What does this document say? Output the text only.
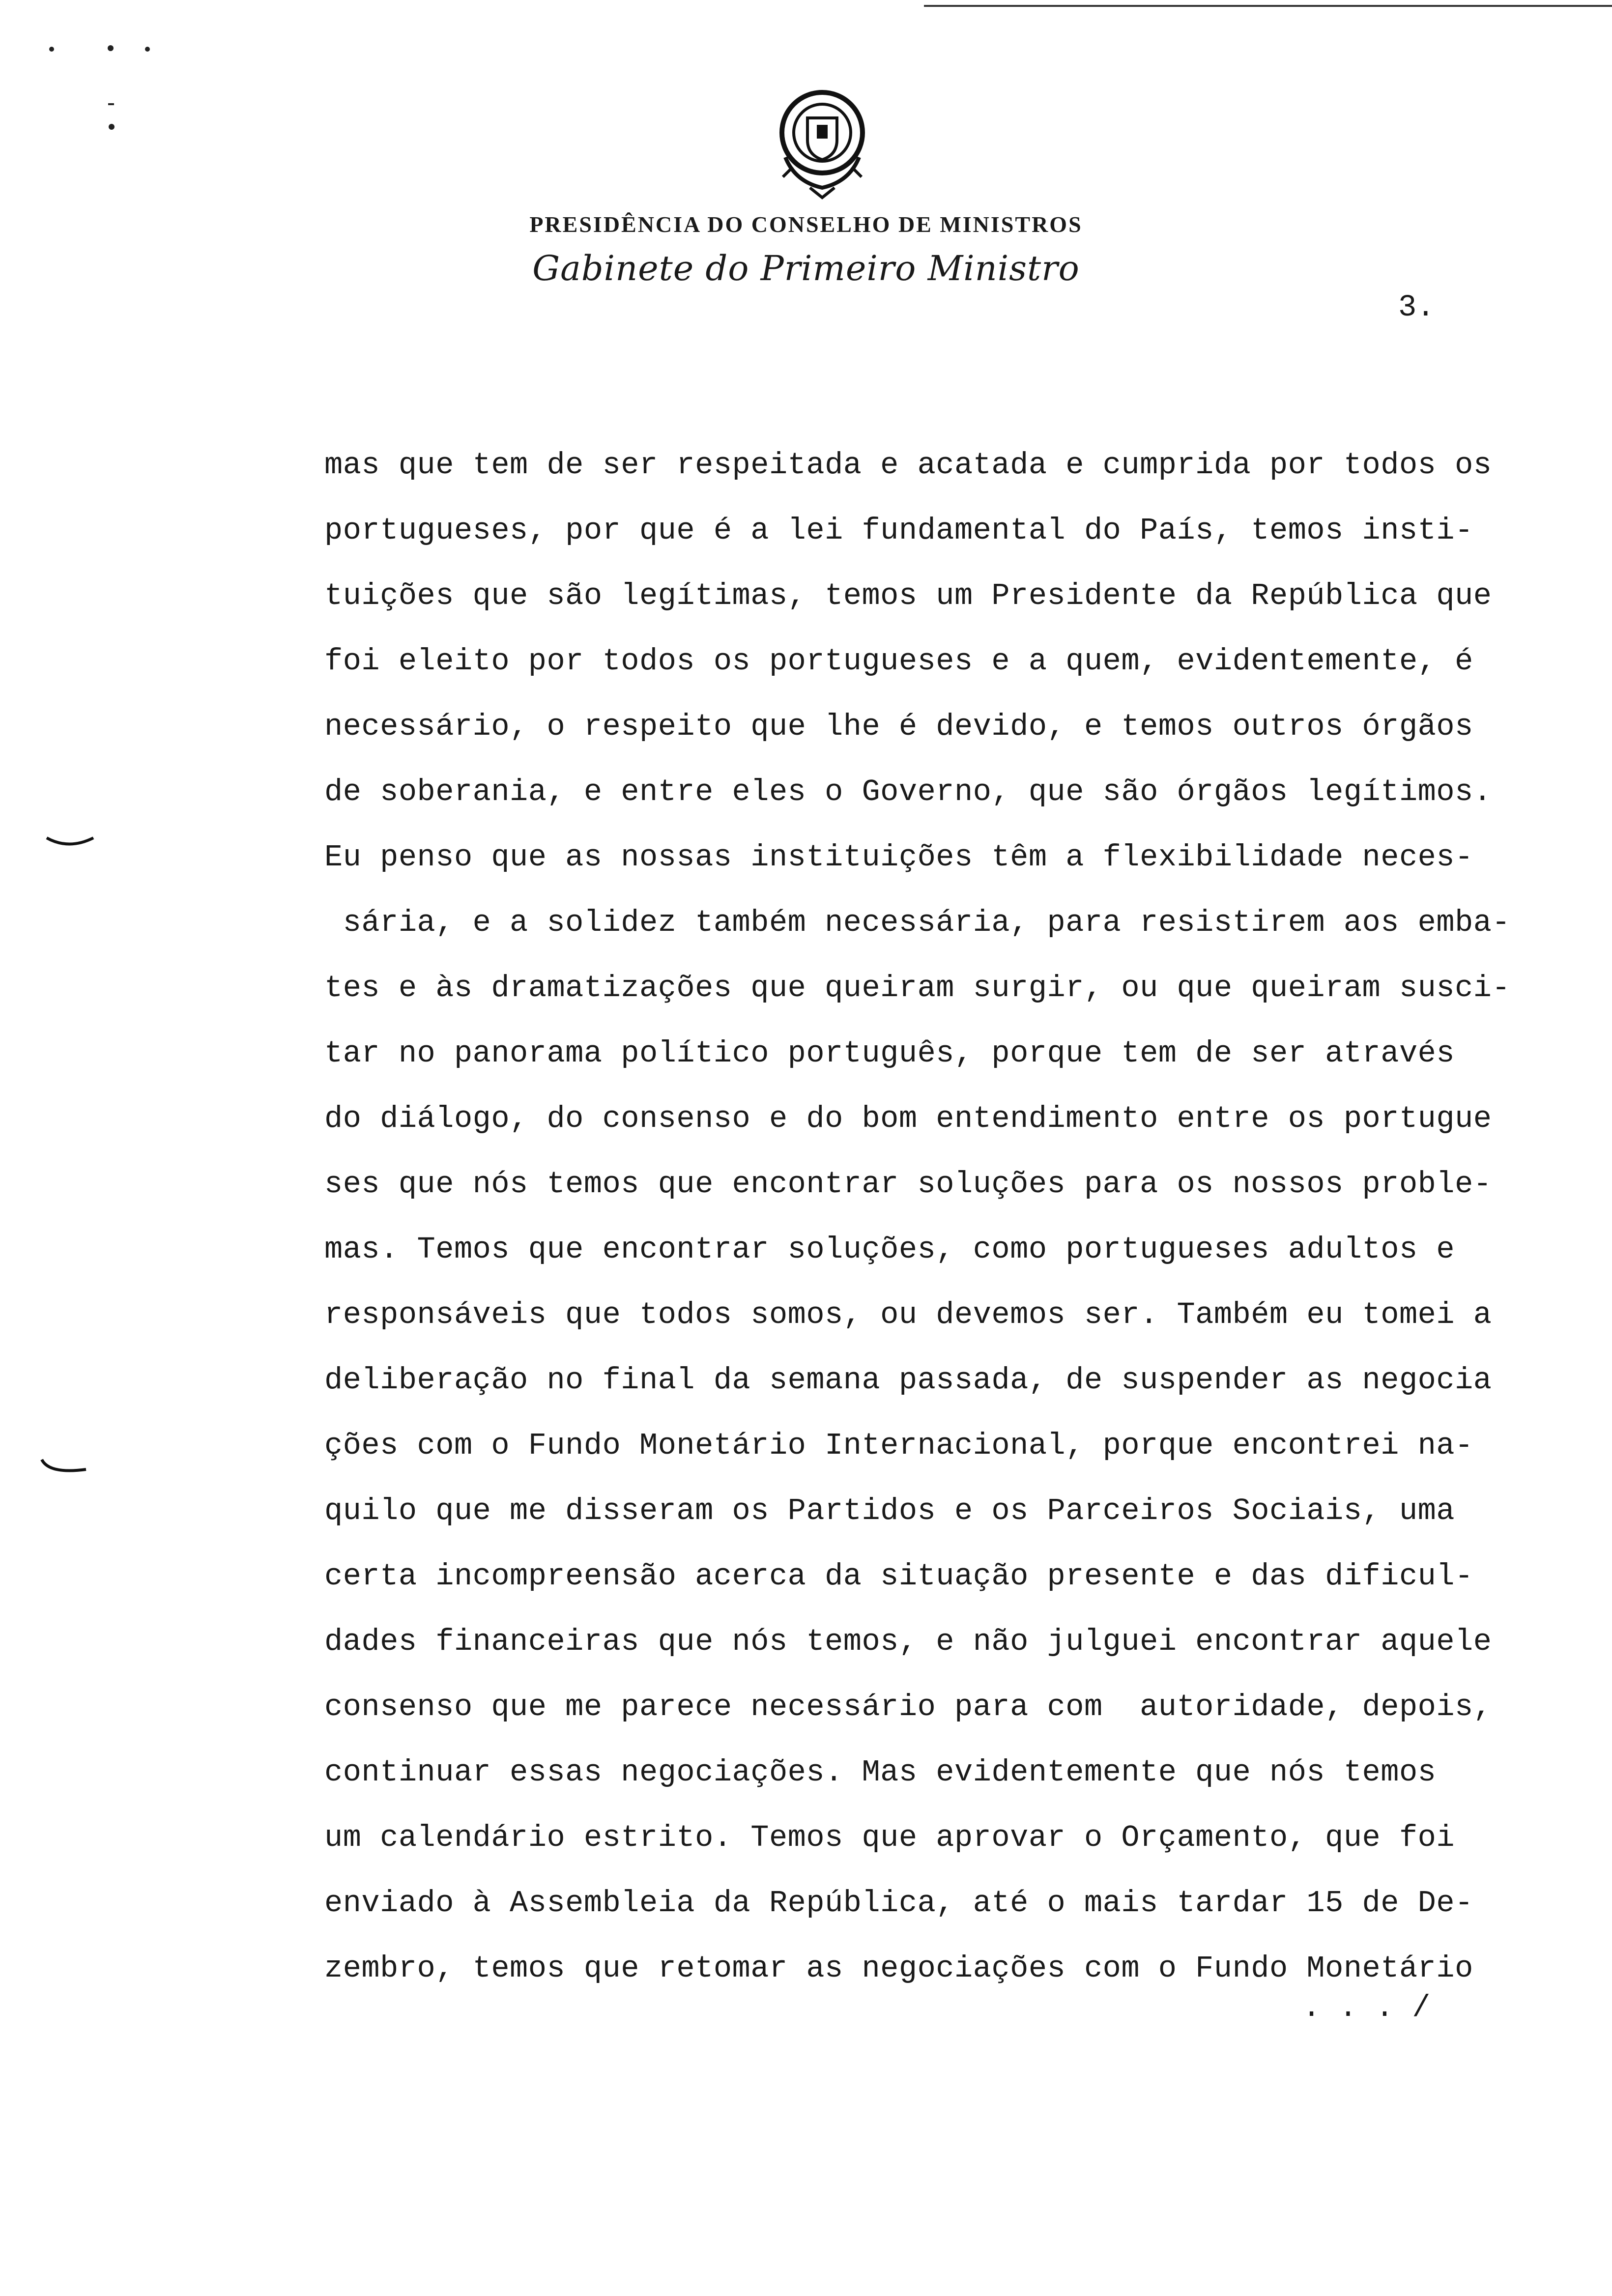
PRESIDÊNCIA DO CONSELHO DE MINISTROS
Gabinete do Primeiro Ministro
3.
mas que tem de ser respeitada e acatada e cumprida por todos os
portugueses, por que é a lei fundamental do País, temos insti-
tuições que são legítimas, temos um Presidente da República que
foi eleito por todos os portugueses e a quem, evidentemente, é
necessário, o respeito que lhe é devido, e temos outros órgãos
de soberania, e entre eles o Governo, que são órgãos legítimos.
Eu penso que as nossas instituições têm a flexibilidade neces-
sária, e a solidez também necessária, para resistirem aos emba-
tes e às dramatizações que queiram surgir, ou que queiram susci-
tar no panorama político português, porque tem de ser através
do diálogo, do consenso e do bom entendimento entre os portugue
ses que nós temos que encontrar soluções para os nossos proble-
mas. Temos que encontrar soluções, como portugueses adultos e
responsáveis que todos somos, ou devemos ser. Também eu tomei a
deliberação no final da semana passada, de suspender as negocia
ções com o Fundo Monetário Internacional, porque encontrei na-
quilo que me disseram os Partidos e os Parceiros Sociais, uma
certa incompreensão acerca da situação presente e das dificul-
dades financeiras que nós temos, e não julguei encontrar aquele
consenso que me parece necessário para com  autoridade, depois,
continuar essas negociações. Mas evidentemente que nós temos
um calendário estrito. Temos que aprovar o Orçamento, que foi
enviado à Assembleia da República, até o mais tardar 15 de De-
zembro, temos que retomar as negociações com o Fundo Monetário
. . . /
